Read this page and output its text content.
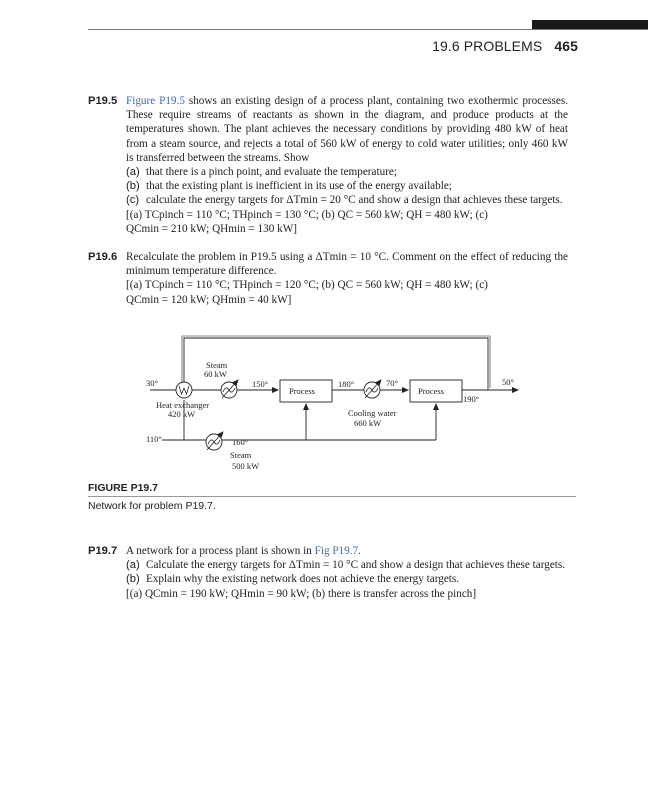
19.6 PROBLEMS 465
P19.5 Figure P19.5 shows an existing design of a process plant, containing two exothermic processes. These require streams of reactants as shown in the diagram, and produce products at the temperatures shown. The plant achieves the necessary conditions by providing 480 kW of heat from a steam source, and rejects a total of 560 kW of energy to cold water utilities; only 460 kW is transferred between the streams. Show

(a) that there is a pinch point, and evaluate the temperature;
(b) that the existing plant is inefficient in its use of the energy available;
(c) calculate the energy targets for ΔTmin = 20 °C and show a design that achieves these targets.

[(a) TCpinch = 110 °C; THpinch = 130 °C; (b) QC = 560 kW; QH = 480 kW; (c)
QCmin = 210 kW; QHmin = 130 kW]

P19.6 Recalculate the problem in P19.5 using a ΔTmin = 10 °C. Comment on the effect of reducing the minimum temperature difference.

[(a) TCpinch = 110 °C; THpinch = 120 °C; (b) QC = 560 kW; QH = 480 kW; (c)
QCmin = 120 kW; QHmin = 40 kW]

Steam
60 kW
30°	150°
Heat exchanger
420 kW
Process
180°	70°
Process
50°
190°
Cooling water
660 kW
110°	160°
Steam
500 kW
FIGURE P19.7
Network for problem P19.7.
P19.7 A network for a process plant is shown in Fig P19.7.

(a) Calculate the energy targets for ΔTmin = 10 °C and show a design that achieves these targets.
(b) Explain why the existing network does not achieve the energy targets.

[(a) QCmin = 190 kW; QHmin = 90 kW; (b) there is transfer across the pinch]
